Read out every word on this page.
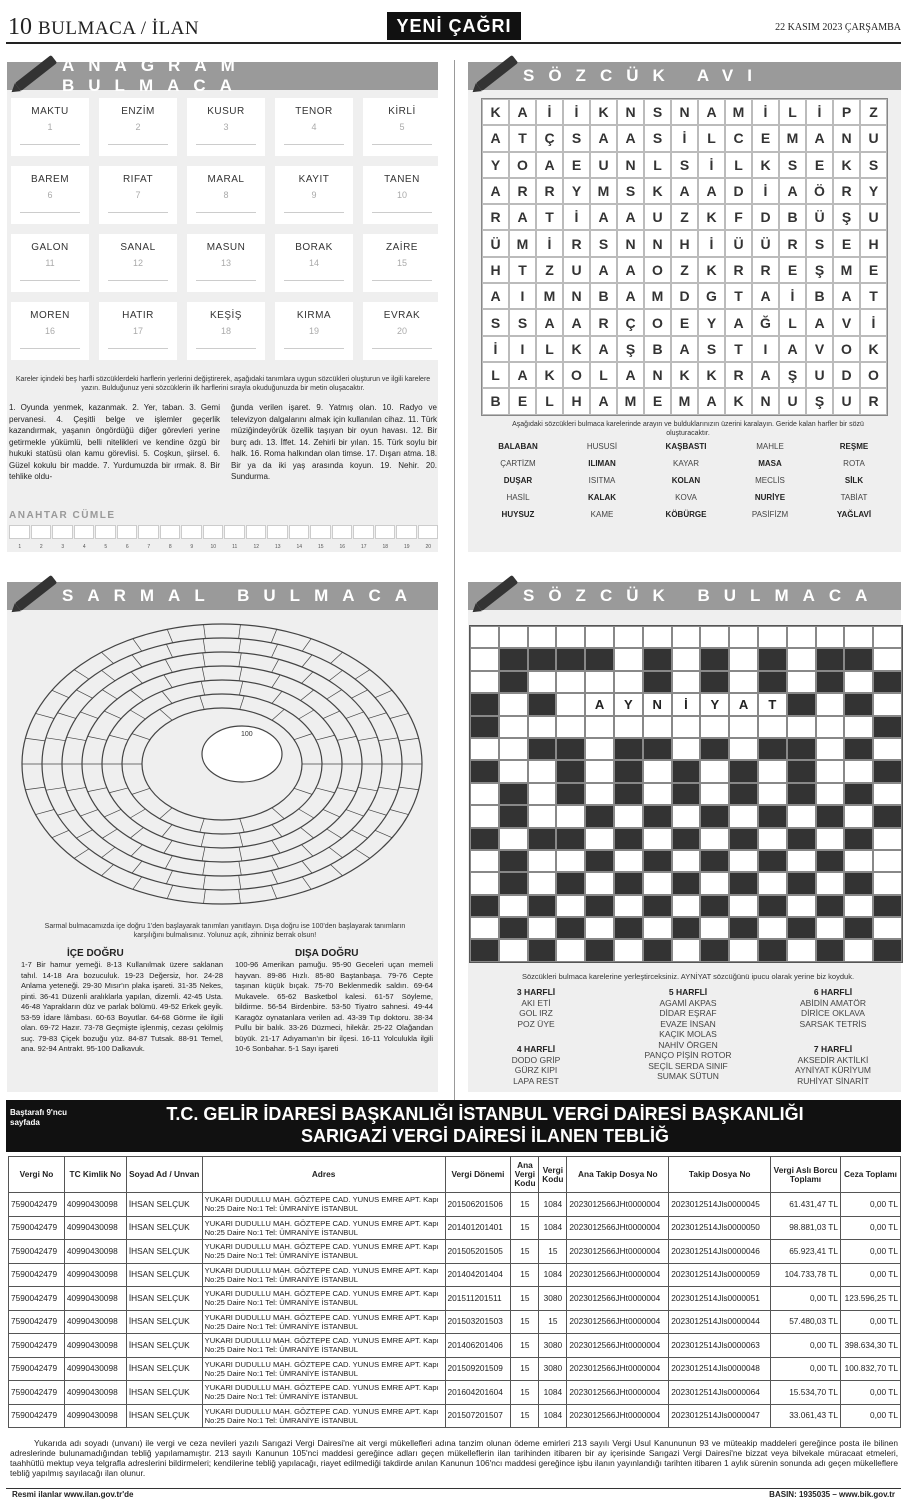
10 BULMACA / İLAN	YENİ ÇAĞRI	22 KASIM 2023 ÇARŞAMBA
ANAGRAM BULMACA
MAKTU
1
ENZİM
2
KUSUR
3
TENOR
4
KİRLİ
5
BAREM
6
RIFAT
7
MARAL
8
KAYIT
9
TANEN
10
GALON
11
SANAL
12
MASUN
13
BORAK
14
ZAİRE
15
MOREN
16
HATIR
17
KEŞİŞ
18
KIRMA
19
EVRAK
20
Kareler içindeki beş harfli sözcüklerdeki harflerin yerlerini değiştirerek, aşağıdaki tanımlara uygun sözcükleri oluşturun ve ilgili karelere yazın. Bulduğunuz yeni sözcüklerin ilk harflerini sırayla okuduğunuzda bir metin oluşacaktır.
1. Oyunda yenmek, kazanmak. 2. Yer, taban. 3. Gemi pervanesi. 4. Çeşitli belge ve işlemler geçerlik kazandırmak, yaşanın öngördüğü diğer görevleri yerine getirmekle yükümlü, belli nitelikleri ve kendine özgü bir hukuki statüsü olan kamu görevlisi. 5. Coşkun, şiirsel. 6. Güzel kokulu bir madde. 7. Yurdumuzda bir ırmak. 8. Bir tehlike oldu-
ğunda verilen işaret. 9. Yatmış olan. 10. Radyo ve televizyon dalgalarını almak için kullanılan cihaz. 11. Türk müziğindeyörük özellik taşıyan bir oyun havası. 12. Bir burç adı. 13. İffet. 14. Zehirli bir yılan. 15. Türk soylu bir halk. 16. Roma halkından olan timse. 17. Dışarı atma. 18. Bir ya da iki yaş arasında koyun. 19. Nehir. 20. Sundurma.
ANAHTAR CÜMLE
1	2	3	4	5	6	7	8	9	10	11	12	13	14	15	16	17	18	19	20
SÖZCÜK AVI
K	A	İ	İ	K	N	S	N	A	M	İ	L	İ	P	Z
A	T	Ç	S	A	A	S	İ	L	C	E	M	A	N	U
Y	O	A	E	U	N	L	S	İ	L	K	S	E	K	S
A	R	R	Y	M	S	K	A	A	D	İ	A	Ö	R	Y
R	A	T	İ	A	A	U	Z	K	F	D	B	Ü	Ş	U
Ü	M	İ	R	S	N	N	H	İ	Ü	Ü	R	S	E	H
H	T	Z	U	A	A	O	Z	K	R	R	E	Ş	M	E
A	I	M	N	B	A	M	D	G	T	A	İ	B	A	T
S	S	A	A	R	Ç	O	E	Y	A	Ğ	L	A	V	İ
İ	I	L	K	A	Ş	B	A	S	T	I	A	V	O	K
L	A	K	O	L	A	N	K	K	R	A	Ş	U	D	O
B	E	L	H	A	M	E	M	A	K	N	U	Ş	U	R
Aşağıdaki sözcükleri bulmaca karelerinde arayın ve bulduklarınızın üzerini karalayın. Geride kalan harfler bir sözü oluşturacaktır.
BALABAN	HUSUSİ	KAŞBASTI	MAHLE	REŞME
ÇARTİZM	ILIMAN	KAYAR	MASA	ROTA
DUŞAR	ISITMA	KOLAN	MECLİS	SİLK
HASİL	KALAK	KOVA	NURİYE	TABİAT
HUYSUZ	KAME	KÖBÜRGE	PASİFİZM	YAĞLAVİ
SARMAL BULMACA
100
Sarmal bulmacamızda içe doğru 1'den başlayarak tanımları yanıtlayın. Dışa doğru ise 100'den başlayarak tanımların karşılığını bulmalısınız. Yolunuz açık, zihniniz berrak olsun!
İÇE DOĞRU	DIŞA DOĞRU
1-7 Bir hamur yemeği. 8-13 Kullanılmak üzere saklanan tahıl. 14-18 Ara bozuculuk. 19-23 Değersiz, hor. 24-28 Anlama yeteneği. 29-30 Mısır'ın plaka işareti. 31-35 Nekes, pinti. 36-41 Düzenli aralıklarla yapılan, dizemli. 42-45 Usta. 46-48 Yaprakların düz ve parlak bölümü. 49-52 Erkek geyik. 53-59 İdare lâmbası. 60-63 Boyutlar. 64-68 Görme ile ilgili olan. 69-72 Hazır. 73-78 Geçmişte işlenmiş, cezası çekilmiş suç. 79-83 Çiçek bozuğu yüz. 84-87 Tutsak. 88-91 Temel, ana. 92-94 Antrakt. 95-100 Dalkavuk.
100-96 Amerikan pamuğu. 95-90 Geceleri uçan memeli hayvan. 89-86 Hızlı. 85-80 Baştanbaşa. 79-76 Cepte taşınan küçük bıçak. 75-70 Beklenmedik saldırı. 69-64 Mukavele. 65-62 Basketbol kalesi. 61-57 Söyleme, bildirme. 56-54 Birdenbire. 53-50 Tiyatro sahnesi. 49-44 Karagöz oynatanlara verilen ad. 43-39 Tıp doktoru. 38-34 Pullu bir balık. 33-26 Düzmeci, hilekâr. 25-22 Olağandan büyük. 21-17 Adıyaman'ın bir ilçesi. 16-11 Yolculukla ilgili 10-6 Sonbahar. 5-1 Sayı işareti
SÖZCÜK BULMACA
A	Y	N	İ	Y	A	T
Sözcükleri bulmaca karelerine yerleştirceksiniz. AYNİYAT sözcüğünü ipucu olarak yerine biz koyduk.
3 HARFLİ
AKI ETİ
GOL IRZ
POZ ÜYE
5 HARFLİ
AGAMİ AKPAS
DİDAR EŞRAF
EVAZE İNSAN
KAÇIK MOLAS
NAHİV ÖRGEN
PANÇO PİŞİN ROTOR
SEÇİL SERDA SINIF
SUMAK SÜTUN
6 HARFLİ
ABİDİN AMATÖR
DİRİCE OKLAVA
SARSAK TETRİS
4 HARFLİ
DODO GRİP
GÜRZ KIPI
LAPA REST
7 HARFLİ
AKSEDİR AKTİLKİ
AYNİYAT KÜRİYUM
RUHİYAT SİNARİT
Baştarafı 9'ncu sayfada	T.C. GELİR İDARESİ BAŞKANLIĞI İSTANBUL VERGİ DAİRESİ BAŞKANLIĞI
SARIGAZİ VERGİ DAİRESİ İLANEN TEBLİĞ
Vergi No	TC Kimlik No	Soyad Ad / Unvan	Adres	Vergi Dönemi	Ana Vergi Kodu	Vergi Kodu	Ana Takip Dosya No	Takip Dosya No	Vergi Aslı Borcu Toplamı	Ceza Toplamı
7590042479	40990430098	İHSAN SELÇUK	YUKARI DUDULLU MAH. GÖZTEPE CAD. YUNUS EMRE APT. Kapı No:25 Daire No:1 Tel: ÜMRANİYE İSTANBUL	201506201506	15	1084	2023012566JHt0000004	2023012514Jls0000045	61.431,47 TL	0,00 TL
7590042479	40990430098	İHSAN SELÇUK	YUKARI DUDULLU MAH. GÖZTEPE CAD. YUNUS EMRE APT. Kapı No:25 Daire No:1 Tel: ÜMRANİYE İSTANBUL	201401201401	15	1084	2023012566JHt0000004	2023012514Jls0000050	98.881,03 TL	0,00 TL
7590042479	40990430098	İHSAN SELÇUK	YUKARI DUDULLU MAH. GÖZTEPE CAD. YUNUS EMRE APT. Kapı No:25 Daire No:1 Tel: ÜMRANİYE İSTANBUL	201505201505	15	15	2023012566JHt0000004	2023012514Jls0000046	65.923,41 TL	0,00 TL
7590042479	40990430098	İHSAN SELÇUK	YUKARI DUDULLU MAH. GÖZTEPE CAD. YUNUS EMRE APT. Kapı No:25 Daire No:1 Tel: ÜMRANİYE İSTANBUL	201404201404	15	1084	2023012566JHt0000004	2023012514Jls0000059	104.733,78 TL	0,00 TL
7590042479	40990430098	İHSAN SELÇUK	YUKARI DUDULLU MAH. GÖZTEPE CAD. YUNUS EMRE APT. Kapı No:25 Daire No:1 Tel: ÜMRANİYE İSTANBUL	201511201511	15	3080	2023012566JHt0000004	2023012514Jls0000051	0,00 TL	123.596,25 TL
7590042479	40990430098	İHSAN SELÇUK	YUKARI DUDULLU MAH. GÖZTEPE CAD. YUNUS EMRE APT. Kapı No:25 Daire No:1 Tel: ÜMRANİYE İSTANBUL	201503201503	15	15	2023012566JHt0000004	2023012514Jls0000044	57.480,03 TL	0,00 TL
7590042479	40990430098	İHSAN SELÇUK	YUKARI DUDULLU MAH. GÖZTEPE CAD. YUNUS EMRE APT. Kapı No:25 Daire No:1 Tel: ÜMRANİYE İSTANBUL	201406201406	15	3080	2023012566JHt0000004	2023012514Jls0000063	0,00 TL	398.634,30 TL
7590042479	40990430098	İHSAN SELÇUK	YUKARI DUDULLU MAH. GÖZTEPE CAD. YUNUS EMRE APT. Kapı No:25 Daire No:1 Tel: ÜMRANİYE İSTANBUL	201509201509	15	3080	2023012566JHt0000004	2023012514Jls0000048	0,00 TL	100.832,70 TL
7590042479	40990430098	İHSAN SELÇUK	YUKARI DUDULLU MAH. GÖZTEPE CAD. YUNUS EMRE APT. Kapı No:25 Daire No:1 Tel: ÜMRANİYE İSTANBUL	201604201604	15	1084	2023012566JHt0000004	2023012514Jls0000064	15.534,70 TL	0,00 TL
7590042479	40990430098	İHSAN SELÇUK	YUKARI DUDULLU MAH. GÖZTEPE CAD. YUNUS EMRE APT. Kapı No:25 Daire No:1 Tel: ÜMRANİYE İSTANBUL	201507201507	15	1084	2023012566JHt0000004	2023012514Jls0000047	33.061,43 TL	0,00 TL
Yukarıda adı soyadı (unvanı) ile vergi ve ceza nevileri yazılı Sarıgazi Vergi Dairesi'ne ait vergi mükellefleri adına tanzim olunan ödeme emirleri 213 sayılı Vergi Usul Kanununun 93 ve müteakip maddeleri gereğince posta ile bilinen adreslerinde bulunamadığından tebliğ yapılamamıştır. 213 sayılı Kanunun 105'nci maddesi gereğince adları geçen mükelleflerin ilan tarihinden itibaren bir ay içerisinde Sarıgazi Vergi Dairesi'ne bizzat veya bilvekale müracaat etmeleri, taahhütlü mektup veya telgrafla adreslerini bildirmeleri; kendilerine tebliğ yapılacağı, riayet edilmediği takdirde anılan Kanunun 106'ncı maddesi gereğince işbu ilanın yayınlandığı tarihten itibaren 1 aylık sürenin sonunda adı geçen mükelleflere tebliğ yapılmış sayılacağı ilan olunur.
Resmi ilanlar www.ilan.gov.tr'de	BASIN: 1935035 – www.bik.gov.tr
